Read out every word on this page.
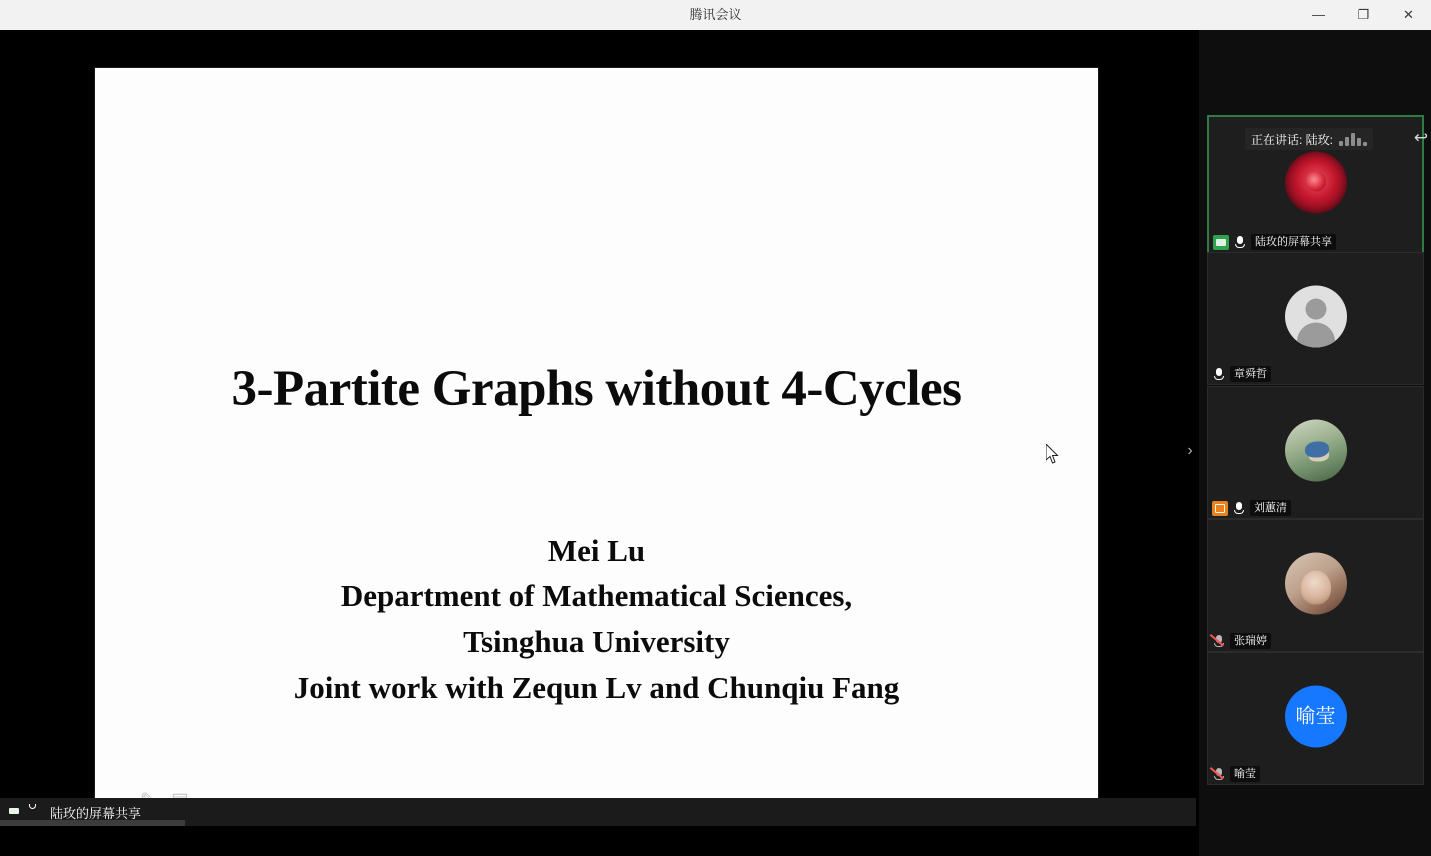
腾讯会议	—	❐	✕
3-Partite Graphs without 4-Cycles
Mei Lu
Department of Mathematical Sciences,
Tsinghua University
Joint work with Zequn Lv and Chunqiu Fang
›
陆玫的屏幕共享
陆玫的屏幕共享
章舜哲
刘蕙清
张瑞婷
喻莹
喻莹
正在讲话: 陆玫:	↩
